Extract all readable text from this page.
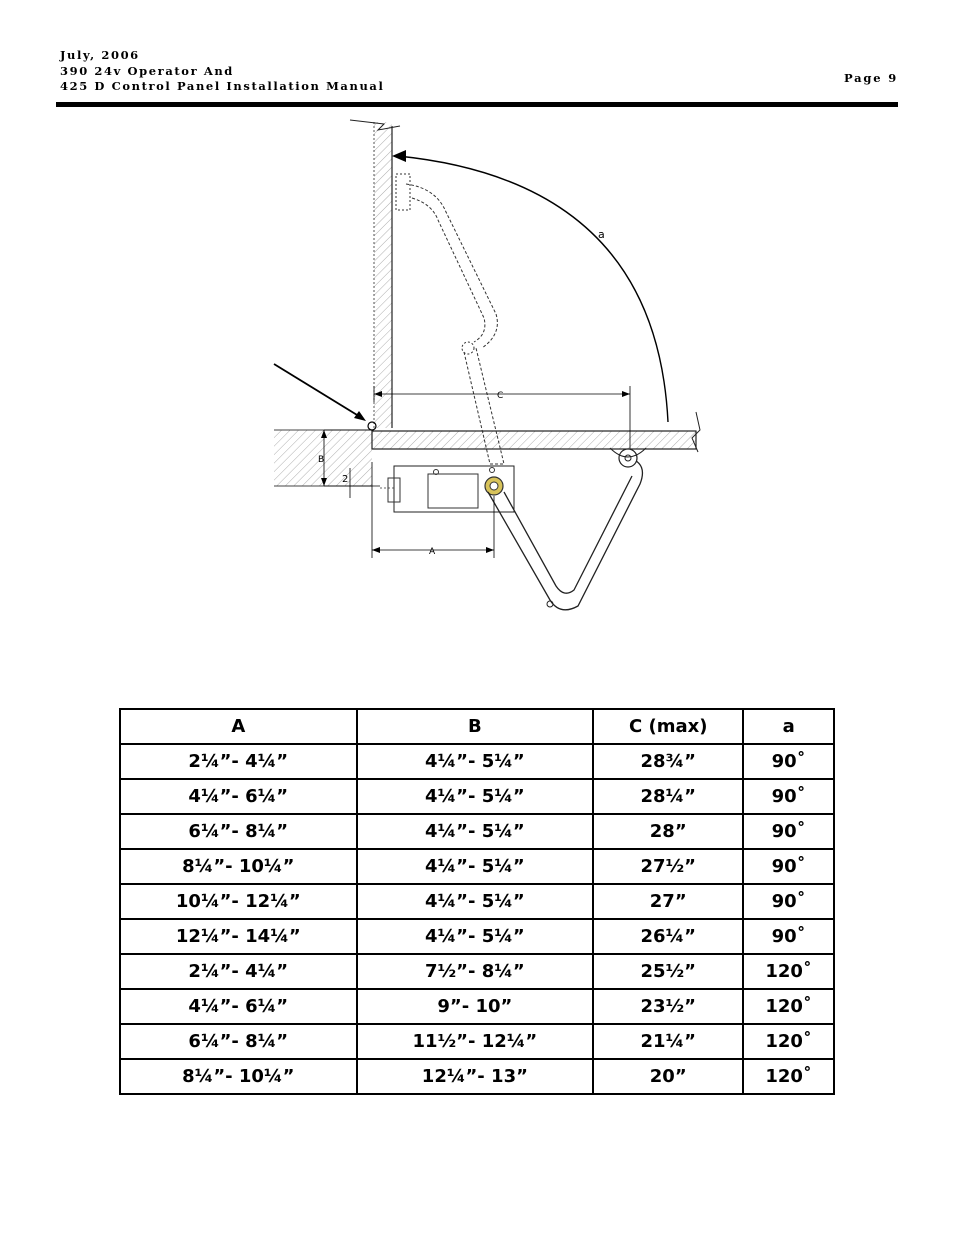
July, 2006
390 24v Operator And
425 D Control Panel Installation Manual
Page 9
a
C
B
2
A
A	B	C (max)	a
2¼”- 4¼”	4¼”- 5¼”	28¾”	90˚
4¼”- 6¼”	4¼”- 5¼”	28¼”	90˚
6¼”- 8¼”	4¼”- 5¼”	28”	90˚
8¼”- 10¼”	4¼”- 5¼”	27½”	90˚
10¼”- 12¼”	4¼”- 5¼”	27”	90˚
12¼”- 14¼”	4¼”- 5¼”	26¼”	90˚
2¼”- 4¼”	7½”- 8¼”	25½”	120˚
4¼”- 6¼”	9”- 10”	23½”	120˚
6¼”- 8¼”	11½”- 12¼”	21¼”	120˚
8¼”- 10¼”	12¼”- 13”	20”	120˚
